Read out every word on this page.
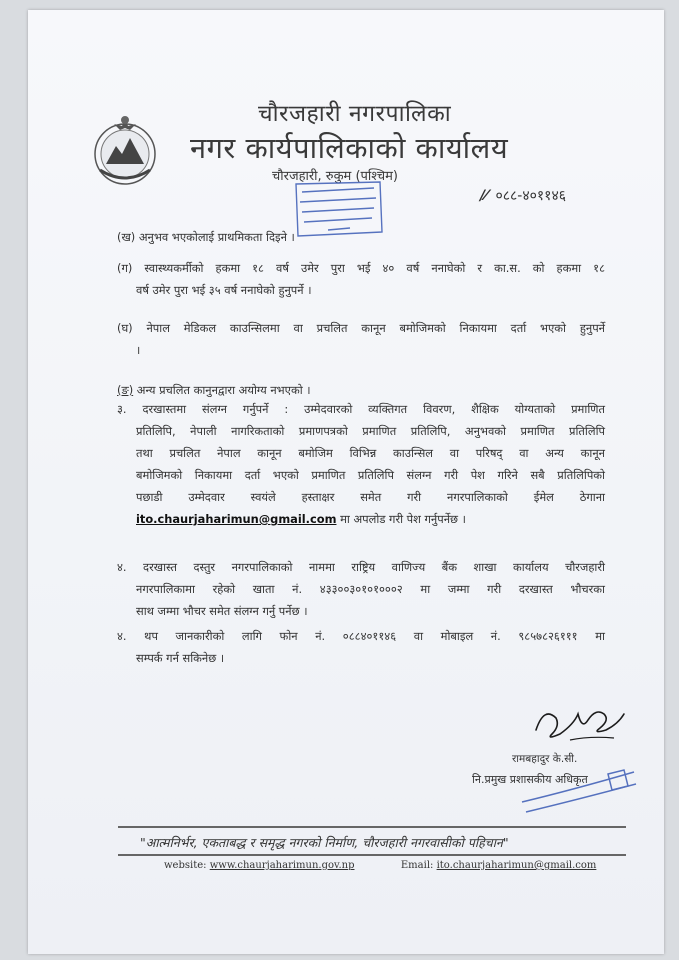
चौरजहारी नगरपालिका
नगर कार्यपालिकाको कार्यालय
चौरजहारी, रुकुम (पश्चिम)
/⁄ ०८८-४०११४६
(ख) अनुभव भएकोलाई प्राथमिकता दिइने ।
(ग) स्वास्थ्यकर्मीको हकमा १८ वर्ष उमेर पुरा भई ४० वर्ष ननाघेको र का.स. को हकमा १८
वर्ष उमेर पुरा भई ३५ वर्ष ननाघेको हुनुपर्ने ।
(घ) नेपाल मेडिकल काउन्सिलमा वा प्रचलित कानून बमोजिमको निकायमा दर्ता भएको हुनुपर्ने
।
(ङ) अन्य प्रचलित कानुनद्वारा अयोग्य नभएको ।
३. दरखास्तमा संलग्न गर्नुपर्ने : उम्मेदवारको व्यक्तिगत विवरण, शैक्षिक योग्यताको प्रमाणित
प्रतिलिपि, नेपाली नागरिकताको प्रमाणपत्रको प्रमाणित प्रतिलिपि, अनुभवको प्रमाणित प्रतिलिपि
तथा प्रचलित नेपाल कानून बमोजिम विभिन्न काउन्सिल वा परिषद् वा अन्य कानून
बमोजिमको निकायमा दर्ता भएको प्रमाणित प्रतिलिपि संलग्न गरी पेश गरिने सबै प्रतिलिपिको
पछाडी उम्मेदवार स्वयंले हस्ताक्षर समेत गरी नगरपालिकाको ईमेल ठेगाना
ito.chaurjaharimun@gmail.com मा अपलोड गरी पेश गर्नुपर्नेछ ।
४. दरखास्त दस्तुर नगरपालिकाको नाममा राष्ट्रिय वाणिज्य बैंक शाखा कार्यालय चौरजहारी
नगरपालिकामा रहेको खाता नं. ४३३००३०१०१०००२ मा जम्मा गरी दरखास्त भौचरका
साथ जम्मा भौचर समेत संलग्न गर्नु पर्नेछ ।
४. थप जानकारीको लागि फोन नं. ०८८४०११४६ वा मोबाइल नं. ९८५७८२६१११ मा
सम्पर्क गर्न सकिनेछ ।
रामबहादुर के.सी.
नि.प्रमुख प्रशासकीय अधिकृत
"आत्मनिर्भर, एकताबद्ध र समृद्ध नगरको निर्माण, चौरजहारी नगरवासीको पहिचान"
website: www.chaurjaharimun.gov.np	Email: ito.chaurjaharimun@gmail.com
